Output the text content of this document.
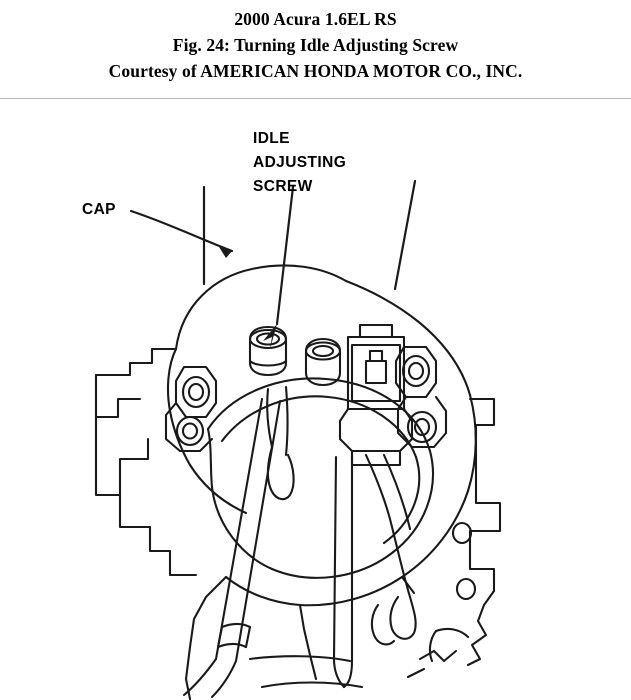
2000 Acura 1.6EL RS
Fig. 24: Turning Idle Adjusting Screw
Courtesy of AMERICAN HONDA MOTOR CO., INC.
IDLE
ADJUSTING
SCREW
CAP
